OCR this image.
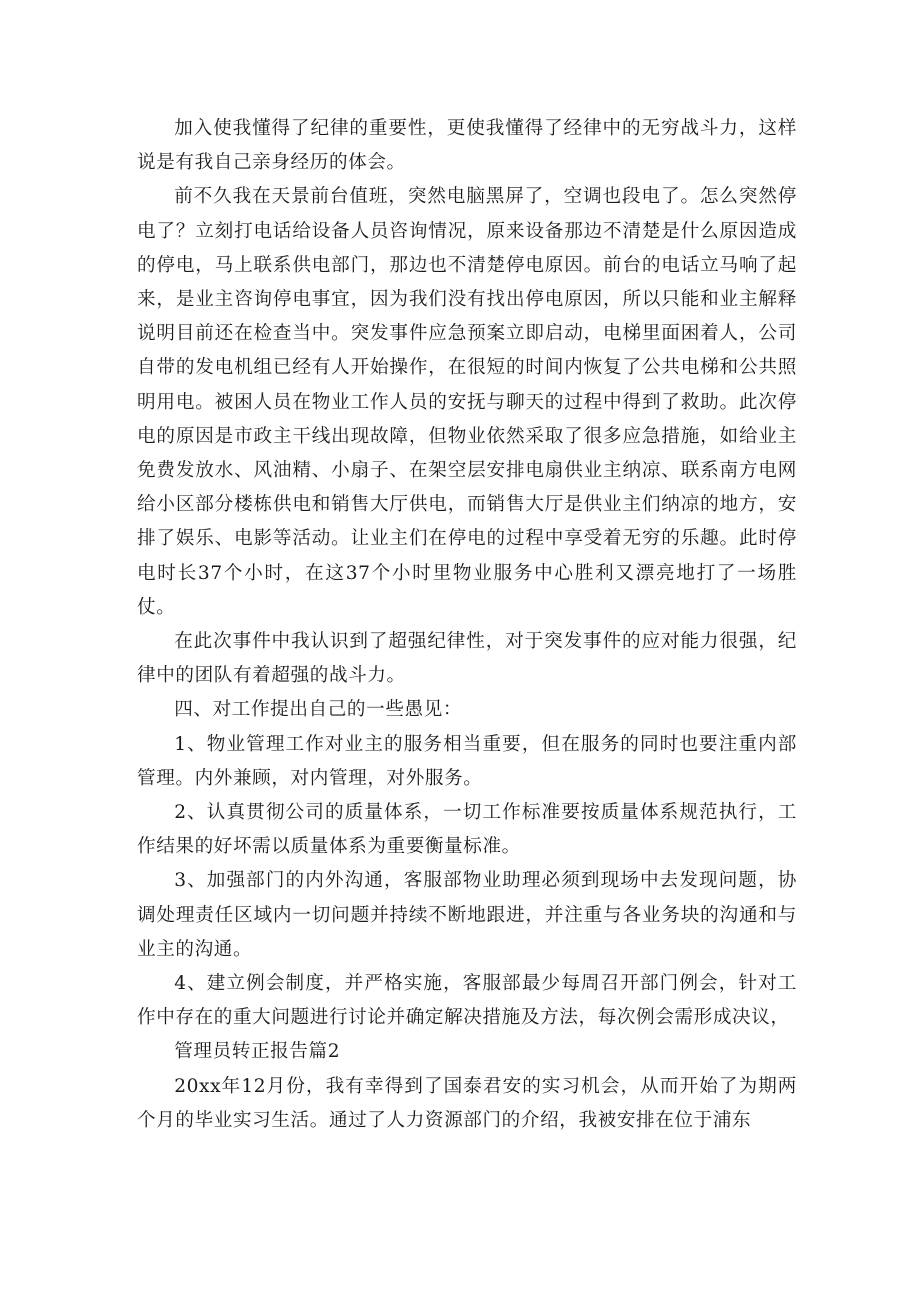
加入使我懂得了纪律的重要性，更使我懂得了经律中的无穷战斗力，这样说是有我自己亲身经历的体会。

前不久我在天景前台值班，突然电脑黑屏了，空调也段电了。怎么突然停电了？立刻打电话给设备人员咨询情况，原来设备那边不清楚是什么原因造成的停电，马上联系供电部门，那边也不清楚停电原因。前台的电话立马响了起来，是业主咨询停电事宜，因为我们没有找出停电原因，所以只能和业主解释说明目前还在检查当中。突发事件应急预案立即启动，电梯里面困着人，公司自带的发电机组已经有人开始操作，在很短的时间内恢复了公共电梯和公共照明用电。被困人员在物业工作人员的安抚与聊天的过程中得到了救助。此次停电的原因是市政主干线出现故障，但物业依然采取了很多应急措施，如给业主免费发放水、风油精、小扇子、在架空层安排电扇供业主纳凉、联系南方电网给小区部分楼栋供电和销售大厅供电，而销售大厅是供业主们纳凉的地方，安排了娱乐、电影等活动。让业主们在停电的过程中享受着无穷的乐趣。此时停电时长37个小时，在这37个小时里物业服务中心胜利又漂亮地打了一场胜仗。

在此次事件中我认识到了超强纪律性，对于突发事件的应对能力很强，纪律中的团队有着超强的战斗力。

四、对工作提出自己的一些愚见：

1、物业管理工作对业主的服务相当重要，但在服务的同时也要注重内部管理。内外兼顾，对内管理，对外服务。

2、认真贯彻公司的质量体系，一切工作标准要按质量体系规范执行，工作结果的好坏需以质量体系为重要衡量标准。

3、加强部门的内外沟通，客服部物业助理必须到现场中去发现问题，协调处理责任区域内一切问题并持续不断地跟进，并注重与各业务块的沟通和与业主的沟通。

4、建立例会制度，并严格实施，客服部最少每周召开部门例会，针对工作中存在的重大问题进行讨论并确定解决措施及方法，每次例会需形成决议，

管理员转正报告篇2

20xx年12月份，我有幸得到了国泰君安的实习机会，从而开始了为期两个月的毕业实习生活。通过了人力资源部门的介绍，我被安排在位于浦东
